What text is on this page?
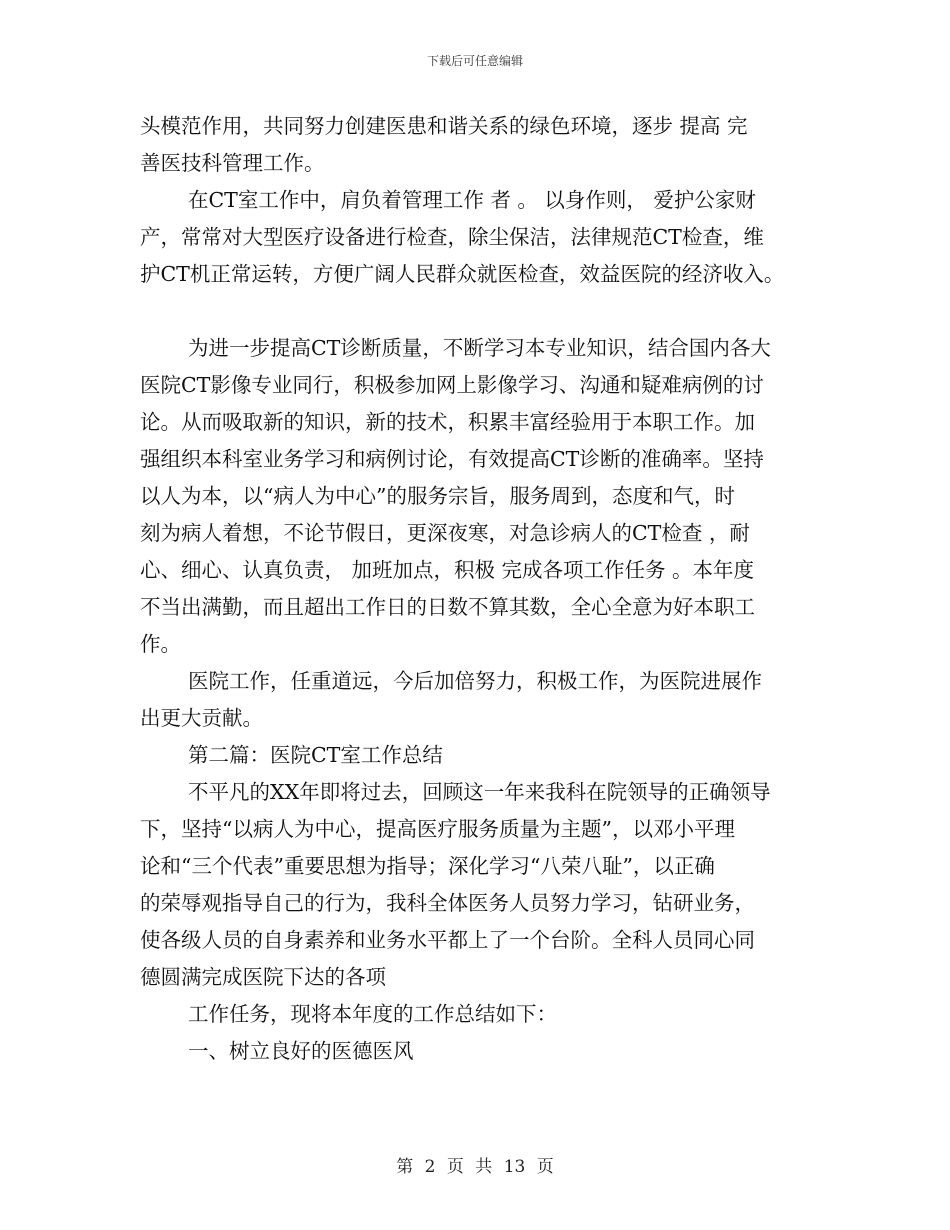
下载后可任意编辑
头模范作用，共同努力创建医患和谐关系的绿色环境，逐步 提高 完
善医技科管理工作。
在CT室工作中，肩负着管理工作 者 。 以身作则， 爱护公家财
产，常常对大型医疗设备进行检查，除尘保洁，法律规范CT检查，维
护CT机正常运转，方便广阔人民群众就医检查，效益医院的经济收入。
为进一步提高CT诊断质量，不断学习本专业知识，结合国内各大
医院CT影像专业同行，积极参加网上影像学习、沟通和疑难病例的讨
论。从而吸取新的知识，新的技术，积累丰富经验用于本职工作。加
强组织本科室业务学习和病例讨论，有效提高CT诊断的准确率。坚持
以人为本，以“病人为中心”的服务宗旨，服务周到，态度和气，时
刻为病人着想，不论节假日，更深夜寒，对急诊病人的CT检查 ，耐
心、细心、认真负责， 加班加点，积极 完成各项工作任务 。本年度
不当出满勤，而且超出工作日的日数不算其数，全心全意为好本职工
作。
医院工作，任重道远，今后加倍努力，积极工作，为医院进展作
出更大贡献。
第二篇：医院CT室工作总结
不平凡的XX年即将过去，回顾这一年来我科在院领导的正确领导
下，坚持“以病人为中心，提高医疗服务质量为主题”，以邓小平理
论和“三个代表”重要思想为指导；深化学习“八荣八耻”，以正确
的荣辱观指导自己的行为，我科全体医务人员努力学习，钻研业务，
使各级人员的自身素养和业务水平都上了一个台阶。全科人员同心同
德圆满完成医院下达的各项
工作任务，现将本年度的工作总结如下：
一、树立良好的医德医风
第 2 页 共 13 页
